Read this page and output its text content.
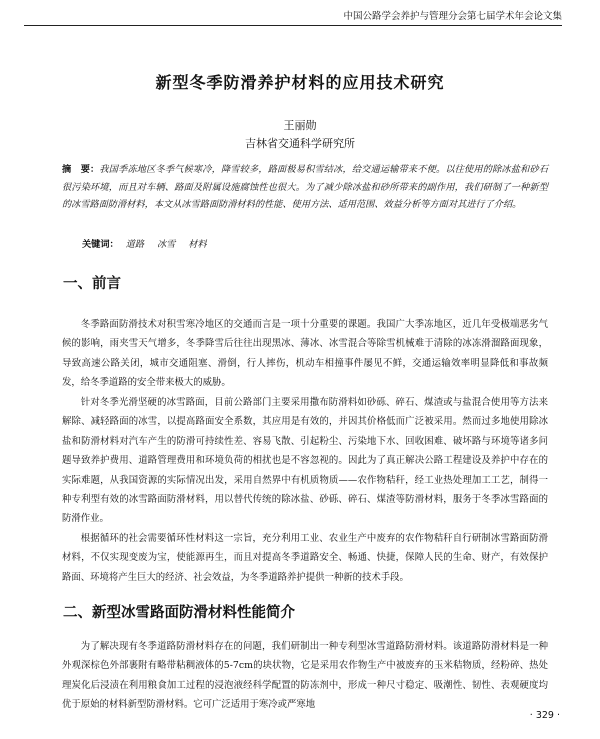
中国公路学会养护与管理分会第七届学术年会论文集
新型冬季防滑养护材料的应用技术研究
王丽勋
吉林省交通科学研究所
摘　要：我国季冻地区冬季气候寒冷，降雪较多，路面极易积雪结冰，给交通运输带来不便。以往使用的除冰盐和砂石很污染环境，而且对车辆、路面及附属设施腐蚀性也很大。为了减少除冰盐和砂所带来的副作用，我们研制了一种新型的冰雪路面防滑材料，本文从冰雪路面防滑材料的性能、使用方法、适用范围、效益分析等方面对其进行了介绍。
关键词： 道路 冰雪 材料
一、前言
冬季路面防滑技术对积雪寒冷地区的交通而言是一项十分重要的课题。我国广大季冻地区，近几年受极端恶劣气候的影响，雨夹雪天气增多，冬季降雪后往往出现黑冰、薄冰、冰雪混合等除雪机械难于清除的冰冻滑溜路面现象，导致高速公路关闭，城市交通阻塞、滑倒，行人摔伤，机动车相撞事件屡见不鲜，交通运输效率明显降低和事故频发，给冬季道路的安全带来极大的威胁。
针对冬季光滑坚硬的冰雪路面，目前公路部门主要采用撒布防滑料如砂砾、碎石、煤渣或与盐混合使用等方法来解除、减轻路面的冰雪，以提高路面安全系数，其应用是有效的，并因其价格低而广泛被采用。然而过多地使用除冰盐和防滑材料对汽车产生的防滑可持续性差、容易飞散、引起粉尘、污染地下水、回收困难、破坏路与环境等诸多问题导致养护费用、道路管理费用和环境负荷的相扰也是不容忽视的。因此为了真正解决公路工程建设及养护中存在的实际难题，从我国资源的实际情况出发，采用自然界中有机质物质——农作物秸秆，经工业热处理加工工艺，制得一种专利型有效的冰雪路面防滑材料，用以替代传统的除冰盐、砂砾、碎石、煤渣等防滑材料，服务于冬季冰雪路面的防滑作业。
根据循环的社会需要循环性材料这一宗旨，充分利用工业、农业生产中废弃的农作物秸秆自行研制冰雪路面防滑材料，不仅实现变废为宝，使能源再生，而且对提高冬季道路安全、畅通、快捷，保障人民的生命、财产，有效保护路面、环境将产生巨大的经济、社会效益，为冬季道路养护提供一种新的技术手段。
二、新型冰雪路面防滑材料性能简介
为了解决现有冬季道路防滑材料存在的问题，我们研制出一种专利型冰雪道路防滑材料。该道路防滑材料是一种外观深棕色外部裹附有略带粘稠液体的5-7cm的块状物，它是采用农作物生产中被废弃的玉米秸物质，经粉碎、热处理炭化后浸渍在利用粮食加工过程的浸泡液经科学配置的防冻剂中，形成一种尺寸稳定、吸潮性、韧性、表观硬度均优于原始的材料新型防滑材料。它可广泛适用于寒冷或严寒地
· 329 ·
